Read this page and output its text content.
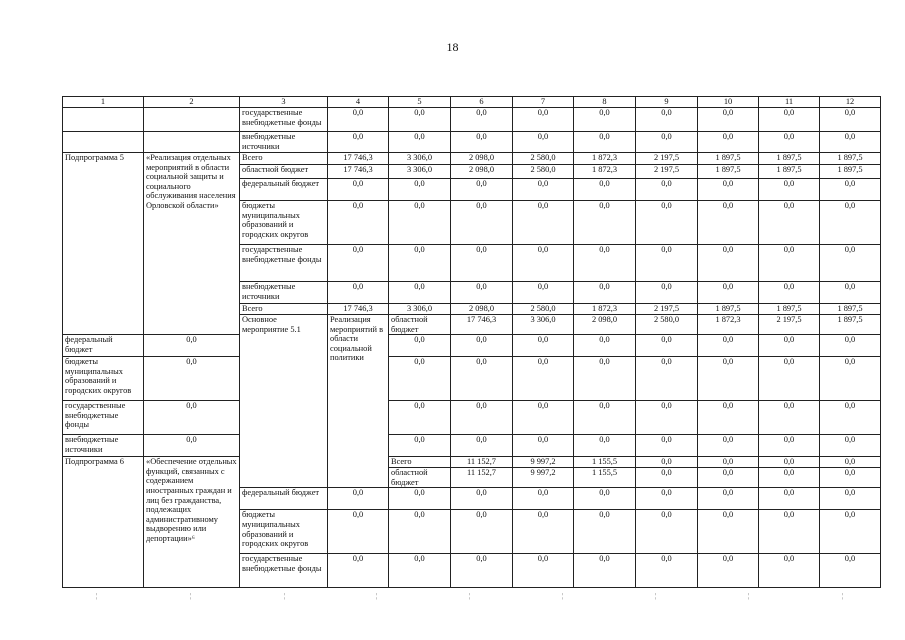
18
1	2	3	4	5	6	7	8	9	10	11	12	
		государственные внебюджетные фонды	0,0	0,0	0,0	0,0	0,0	0,0	0,0	0,0	0,0	
		внебюджетные источники	0,0	0,0	0,0	0,0	0,0	0,0	0,0	0,0	0,0	
Подпрограмма 5	«Реализация отдельных мероприятий в области социальной защиты и социального обслуживания населения Орловской области»	Всего	17 746,3	3 306,0	2 098,0	2 580,0	1 872,3	2 197,5	1 897,5	1 897,5	1 897,5	
		областной бюджет	17 746,3	3 306,0	2 098,0	2 580,0	1 872,3	2 197,5	1 897,5	1 897,5	1 897,5	
		федеральный бюджет	0,0	0,0	0,0	0,0	0,0	0,0	0,0	0,0	0,0	
		бюджеты муниципальных образований и городских округов	0,0	0,0	0,0	0,0	0,0	0,0	0,0	0,0	0,0	
		государственные внебюджетные фонды	0,0	0,0	0,0	0,0	0,0	0,0	0,0	0,0	0,0	
		внебюджетные источники	0,0	0,0	0,0	0,0	0,0	0,0	0,0	0,0	0,0	
		Всего	17 746,3	3 306,0	2 098,0	2 580,0	1 872,3	2 197,5	1 897,5	1 897,5	1 897,5	
		Основное мероприятие 5.1	Реализация мероприятий в области социальной политики	областной бюджет	17 746,3	3 306,0	2 098,0	2 580,0	1 872,3	2 197,5	1 897,5		
федеральный бюджет	0,0			0,0	0,0	0,0	0,0	0,0	0,0	0,0	0,0	
бюджеты муниципальных образований и городских округов	0,0			0,0	0,0	0,0	0,0	0,0	0,0	0,0	0,0	
государственные внебюджетные фонды	0,0			0,0	0,0	0,0	0,0	0,0	0,0	0,0	0,0	
внебюджетные источники	0,0			0,0	0,0	0,0	0,0	0,0	0,0	0,0	0,0	
Подпрограмма 6	«Обеспечение отдельных функций, связанных с содержанием иностранных граждан и лиц без гражданства, подлежащих административному выдворению или депортации»⁶			Всего	11 152,7	9 997,2	1 155,5	0,0	0,0	0,0	0,0		
				областной бюджет	11 152,7	9 997,2	1 155,5	0,0	0,0	0,0	0,0		
		федеральный бюджет	0,0	0,0	0,0	0,0	0,0	0,0	0,0	0,0	0,0	
		бюджеты муниципальных образований и городских округов	0,0	0,0	0,0	0,0	0,0	0,0	0,0	0,0	0,0	
		государственные внебюджетные фонды	0,0	0,0	0,0	0,0	0,0	0,0	0,0	0,0	0,0	
¦	¦	¦	¦	¦	¦	¦	¦	¦
